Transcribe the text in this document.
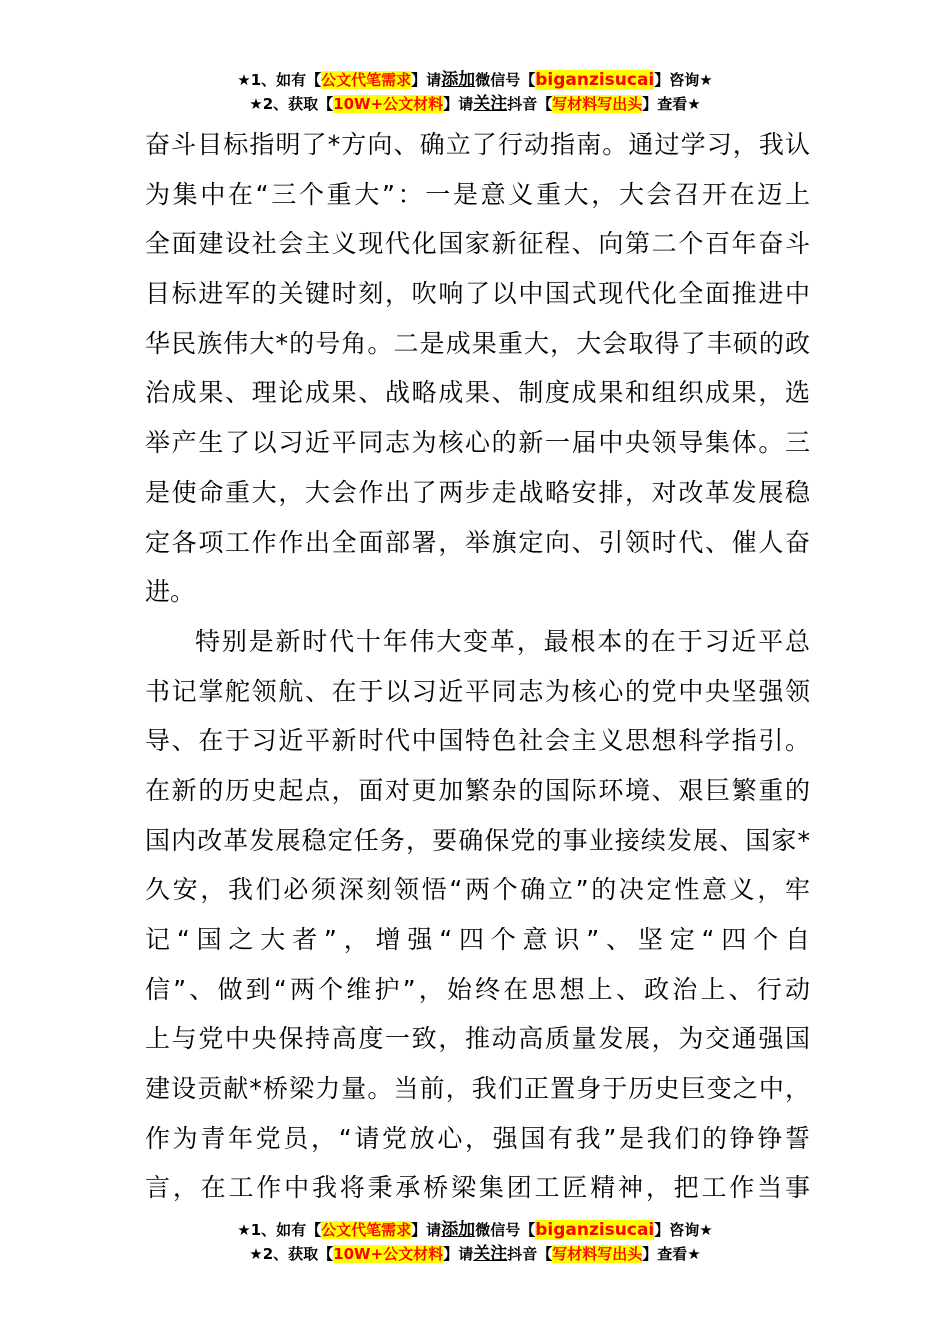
★1、如有【公文代笔需求】请添加微信号【biganzisucai】咨询★
★2、获取【10W+公文材料】请关注抖音【写材料写出头】查看★

奋斗目标指明了*方向、确立了行动指南。通过学习，我认
为集中在“三个重大”：一是意义重大，大会召开在迈上
全面建设社会主义现代化国家新征程、向第二个百年奋斗
目标进军的关键时刻，吹响了以中国式现代化全面推进中
华民族伟大*的号角。二是成果重大，大会取得了丰硕的政
治成果、理论成果、战略成果、制度成果和组织成果，选
举产生了以习近平同志为核心的新一届中央领导集体。三
是使命重大，大会作出了两步走战略安排，对改革发展稳
定各项工作作出全面部署，举旗定向、引领时代、催人奋
进。

特别是新时代十年伟大变革，最根本的在于习近平总
书记掌舵领航、在于以习近平同志为核心的党中央坚强领
导、在于习近平新时代中国特色社会主义思想科学指引。
在新的历史起点，面对更加繁杂的国际环境、艰巨繁重的
国内改革发展稳定任务，要确保党的事业接续发展、国家*
久安，我们必须深刻领悟“两个确立”的决定性意义，牢
记“国之大者”，增强“四个意识”、坚定“四个自
信”、做到“两个维护”，始终在思想上、政治上、行动
上与党中央保持高度一致，推动高质量发展，为交通强国
建设贡献*桥梁力量。当前，我们正置身于历史巨变之中，
作为青年党员，“请党放心，强国有我”是我们的铮铮誓
言，在工作中我将秉承桥梁集团工匠精神，把工作当事

★1、如有【公文代笔需求】请添加微信号【biganzisucai】咨询★
★2、获取【10W+公文材料】请关注抖音【写材料写出头】查看★
